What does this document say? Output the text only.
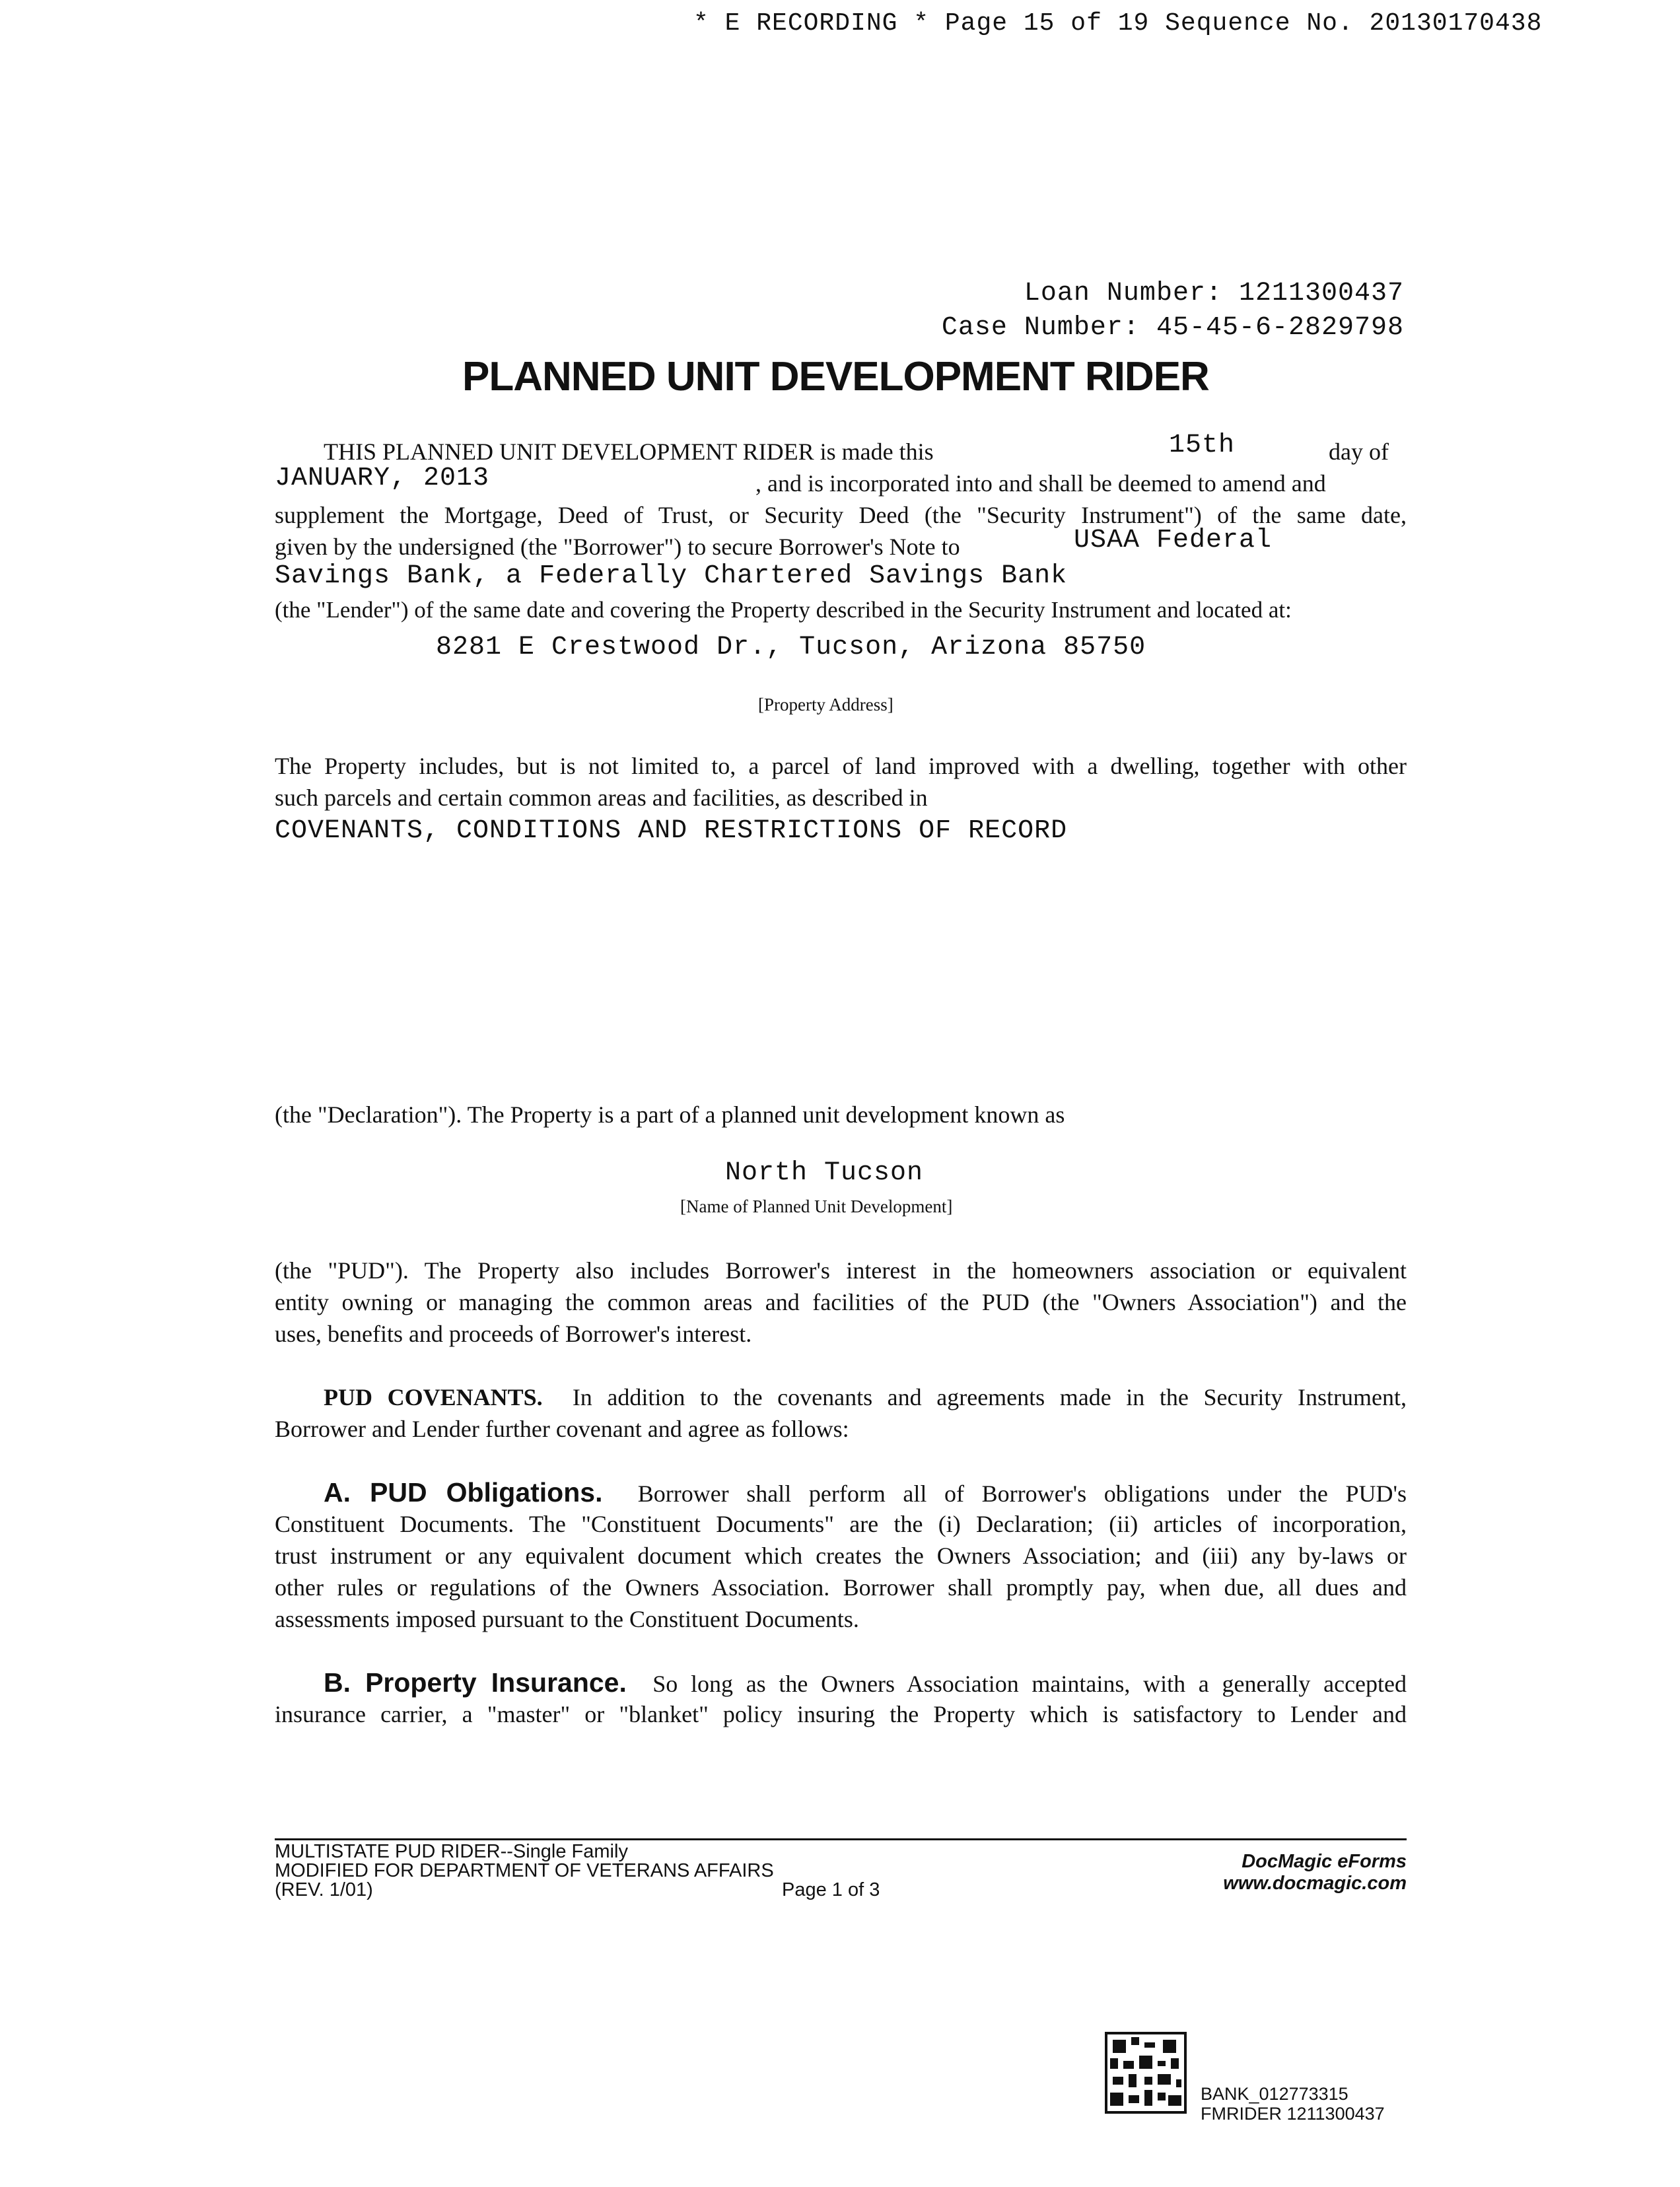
* E RECORDING * Page 15 of 19 Sequence No. 20130170438
Loan Number: 1211300437
Case Number: 45-45-6-2829798
PLANNED UNIT DEVELOPMENT RIDER
THIS PLANNED UNIT DEVELOPMENT RIDER is made this	15th	day of
JANUARY, 2013	, and is incorporated into and shall be deemed to amend and
supplement the Mortgage, Deed of Trust, or Security Deed (the "Security Instrument") of the same date,
given by the undersigned (the "Borrower") to secure Borrower's Note to	USAA Federal
Savings Bank, a Federally Chartered Savings Bank
(the "Lender") of the same date and covering the Property described in the Security Instrument and located at:
8281 E Crestwood Dr., Tucson, Arizona 85750
[Property Address]
The Property includes, but is not limited to, a parcel of land improved with a dwelling, together with other
such parcels and certain common areas and facilities, as described in
COVENANTS, CONDITIONS AND RESTRICTIONS OF RECORD
(the "Declaration"). The Property is a part of a planned unit development known as
North Tucson
[Name of Planned Unit Development]
(the "PUD"). The Property also includes Borrower's interest in the homeowners association or equivalent
entity owning or managing the common areas and facilities of the PUD (the "Owners Association") and the
uses, benefits and proceeds of Borrower's interest.
PUD COVENANTS. In addition to the covenants and agreements made in the Security Instrument,
Borrower and Lender further covenant and agree as follows:
A. PUD Obligations. Borrower shall perform all of Borrower's obligations under the PUD's
Constituent Documents. The "Constituent Documents" are the (i) Declaration; (ii) articles of incorporation,
trust instrument or any equivalent document which creates the Owners Association; and (iii) any by-laws or
other rules or regulations of the Owners Association. Borrower shall promptly pay, when due, all dues and
assessments imposed pursuant to the Constituent Documents.
B. Property Insurance. So long as the Owners Association maintains, with a generally accepted
insurance carrier, a "master" or "blanket" policy insuring the Property which is satisfactory to Lender and
MULTISTATE PUD RIDER--Single Family
MODIFIED FOR DEPARTMENT OF VETERANS AFFAIRS
(REV. 1/01)	Page 1 of 3
DocMagic eForms
www.docmagic.com
BANK_012773315
FMRIDER 1211300437
